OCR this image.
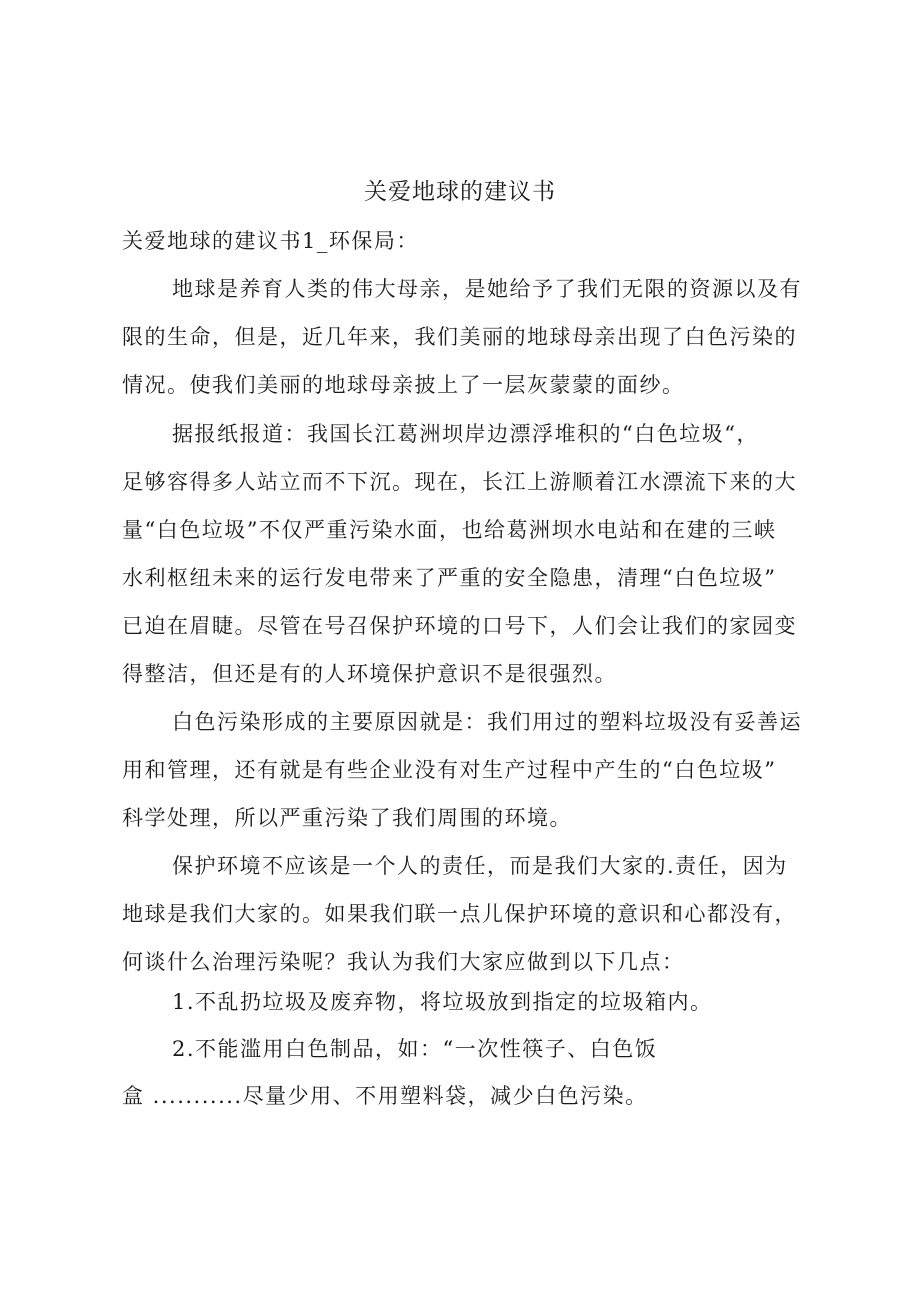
关爱地球的建议书
关爱地球的建议书1_环保局：
地球是养育人类的伟大母亲，是她给予了我们无限的资源以及有
限的生命，但是，近几年来，我们美丽的地球母亲出现了白色污染的
情况。使我们美丽的地球母亲披上了一层灰蒙蒙的面纱。
据报纸报道：我国长江葛洲坝岸边漂浮堆积的“白色垃圾“，
足够容得多人站立而不下沉。现在，长江上游顺着江水漂流下来的大
量“白色垃圾”不仅严重污染水面，也给葛洲坝水电站和在建的三峡
水利枢纽未来的运行发电带来了严重的安全隐患，清理“白色垃圾”
已迫在眉睫。尽管在号召保护环境的口号下，人们会让我们的家园变
得整洁，但还是有的人环境保护意识不是很强烈。
白色污染形成的主要原因就是：我们用过的塑料垃圾没有妥善运
用和管理，还有就是有些企业没有对生产过程中产生的“白色垃圾”
科学处理，所以严重污染了我们周围的环境。
保护环境不应该是一个人的责任，而是我们大家的.责任，因为
地球是我们大家的。如果我们联一点儿保护环境的意识和心都没有，
何谈什么治理污染呢？我认为我们大家应做到以下几点：
1.不乱扔垃圾及废弃物，将垃圾放到指定的垃圾箱内。
2.不能滥用白色制品，如：“一次性筷子、白色饭
盒 ...........尽量少用、不用塑料袋，减少白色污染。
